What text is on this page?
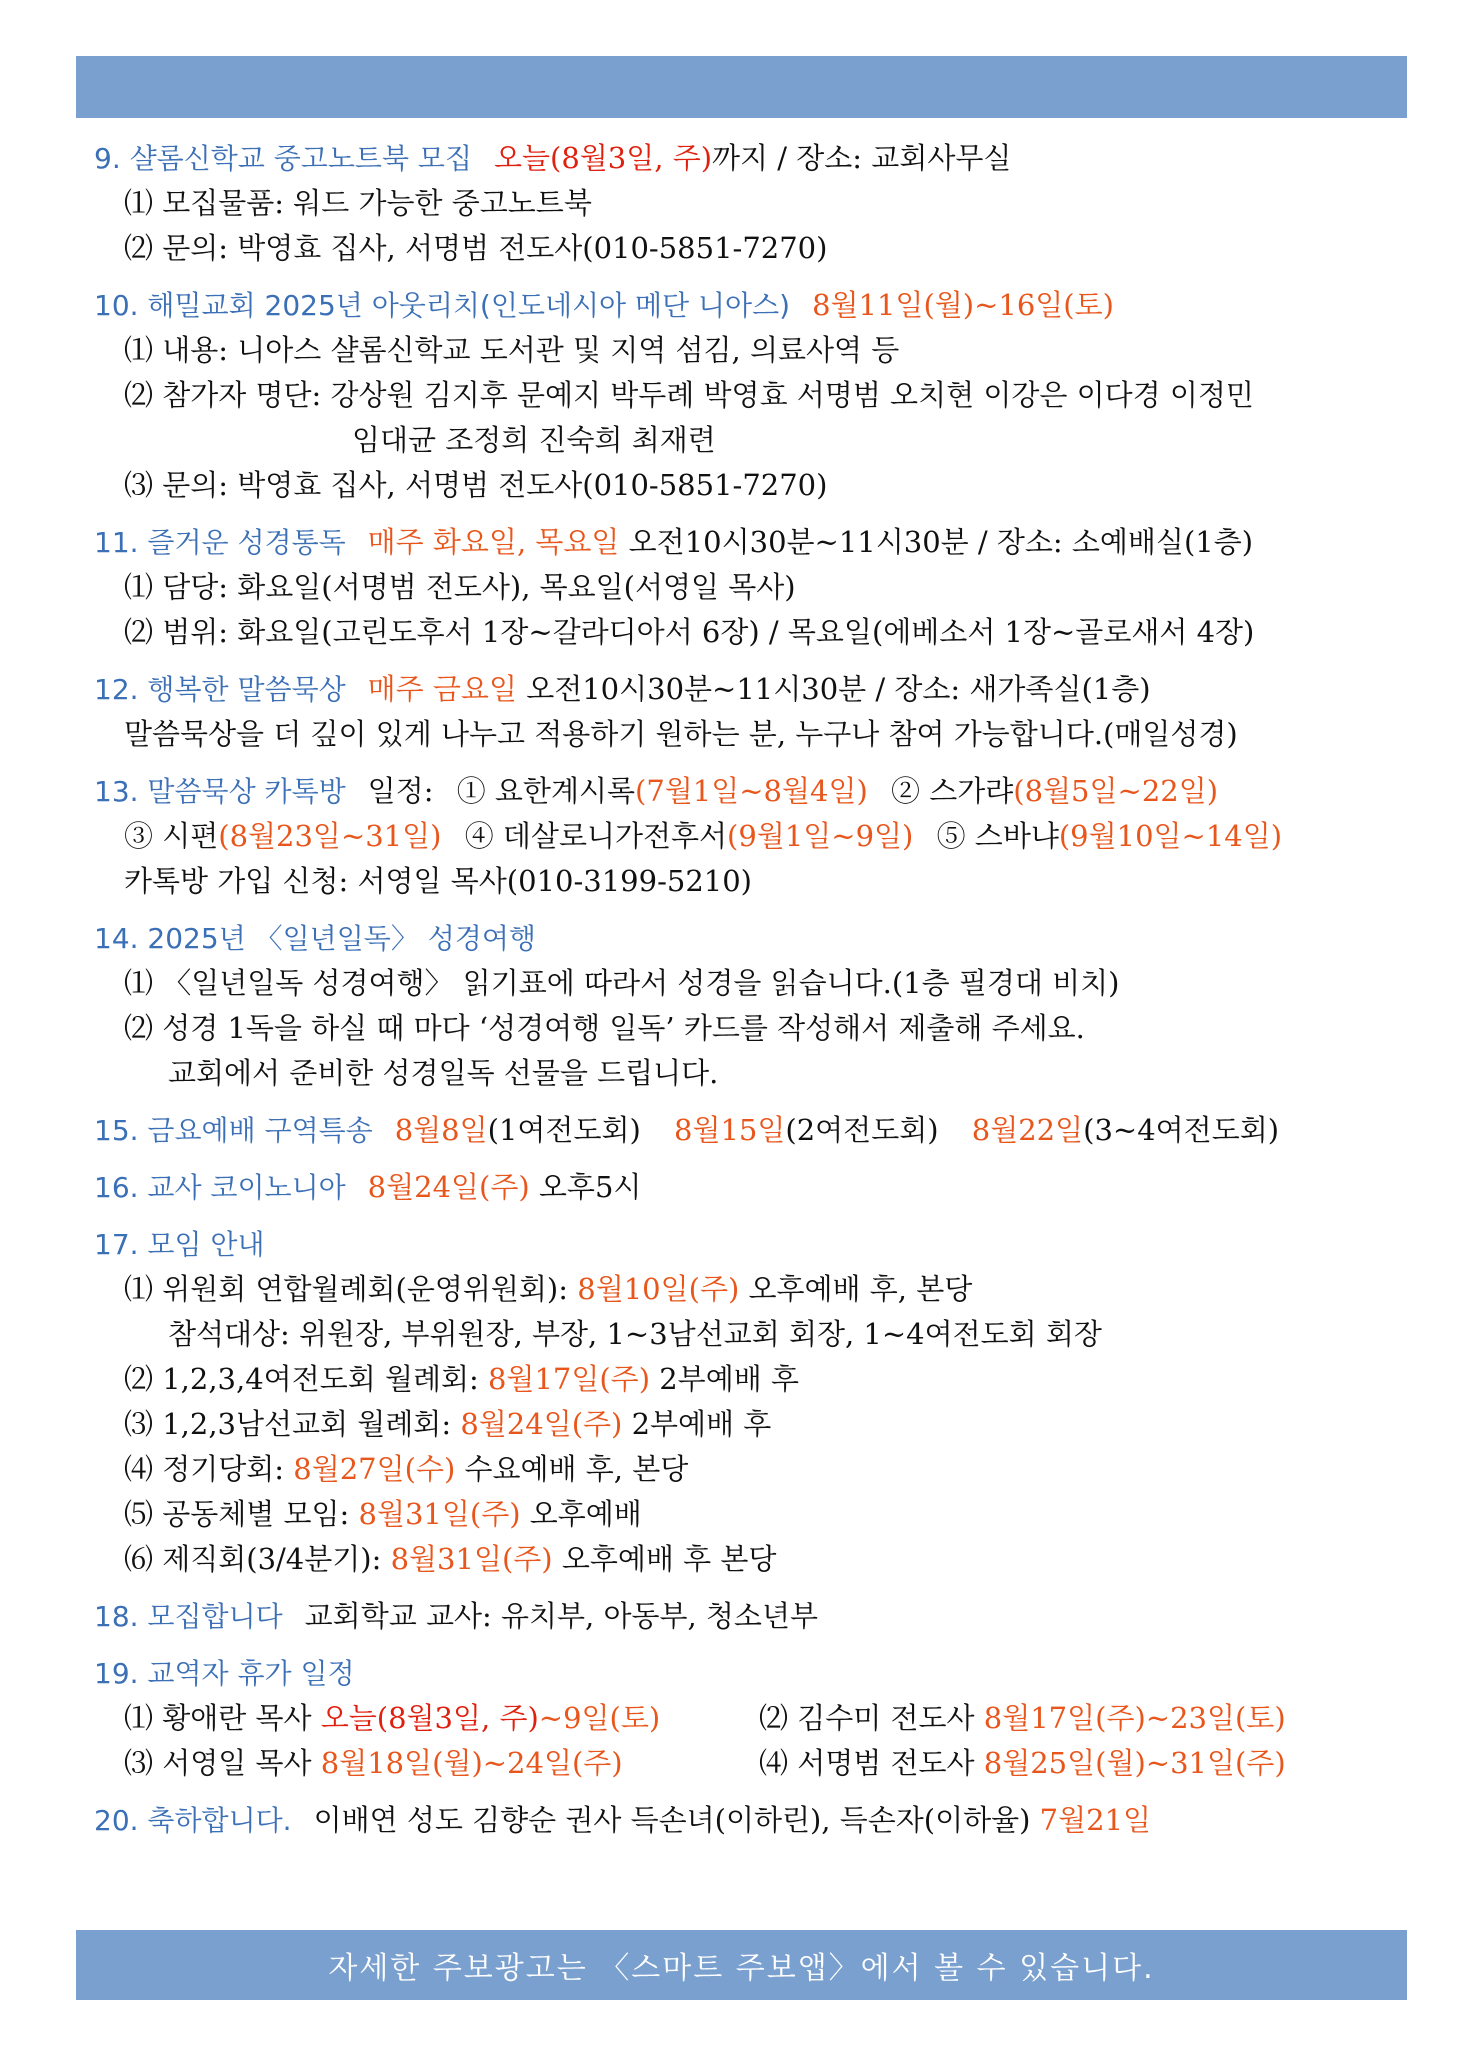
9. 샬롬신학교 중고노트북 모집 오늘(8월3일, 주)까지 / 장소: 교회사무실
⑴ 모집물품: 워드 가능한 중고노트북
⑵ 문의: 박영효 집사, 서명범 전도사(010-5851-7270)
10. 해밀교회 2025년 아웃리치(인도네시아 메단 니아스) 8월11일(월)~16일(토)
⑴ 내용: 니아스 샬롬신학교 도서관 및 지역 섬김, 의료사역 등
⑵ 참가자 명단: 강상원 김지후 문예지 박두례 박영효 서명범 오치현 이강은 이다경 이정민
임대균 조정희 진숙희 최재련
⑶ 문의: 박영효 집사, 서명범 전도사(010-5851-7270)
11. 즐거운 성경통독 매주 화요일, 목요일 오전10시30분~11시30분 / 장소: 소예배실(1층)
⑴ 담당: 화요일(서명범 전도사), 목요일(서영일 목사)
⑵ 범위: 화요일(고린도후서 1장~갈라디아서 6장) / 목요일(에베소서 1장~골로새서 4장)
12. 행복한 말씀묵상 매주 금요일 오전10시30분~11시30분 / 장소: 새가족실(1층)
말씀묵상을 더 깊이 있게 나누고 적용하기 원하는 분, 누구나 참여 가능합니다.(매일성경)
13. 말씀묵상 카톡방 일정: ① 요한계시록(7월1일~8월4일) ② 스가랴(8월5일~22일)
③ 시편(8월23일~31일) ④ 데살로니가전후서(9월1일~9일) ⑤ 스바냐(9월10일~14일)
카톡방 가입 신청: 서영일 목사(010-3199-5210)
14. 2025년 〈일년일독〉 성경여행
⑴ 〈일년일독 성경여행〉 읽기표에 따라서 성경을 읽습니다.(1층 필경대 비치)
⑵ 성경 1독을 하실 때 마다 ‘성경여행 일독’ 카드를 작성해서 제출해 주세요.
교회에서 준비한 성경일독 선물을 드립니다.
15. 금요예배 구역특송 8월8일(1여전도회) 8월15일(2여전도회) 8월22일(3~4여전도회)
16. 교사 코이노니아 8월24일(주) 오후5시
17. 모임 안내
⑴ 위원회 연합월례회(운영위원회): 8월10일(주) 오후예배 후, 본당
참석대상: 위원장, 부위원장, 부장, 1~3남선교회 회장, 1~4여전도회 회장
⑵ 1,2,3,4여전도회 월례회: 8월17일(주) 2부예배 후
⑶ 1,2,3남선교회 월례회: 8월24일(주) 2부예배 후
⑷ 정기당회: 8월27일(수) 수요예배 후, 본당
⑸ 공동체별 모임: 8월31일(주) 오후예배
⑹ 제직회(3/4분기): 8월31일(주) 오후예배 후 본당
18. 모집합니다 교회학교 교사: 유치부, 아동부, 청소년부
19. 교역자 휴가 일정
⑴ 황애란 목사 오늘(8월3일, 주)~9일(토)	⑵ 김수미 전도사 8월17일(주)~23일(토)
⑶ 서영일 목사 8월18일(월)~24일(주)	⑷ 서명범 전도사 8월25일(월)~31일(주)
20. 축하합니다. 이배연 성도 김향순 권사 득손녀(이하린), 득손자(이하율) 7월21일
자세한 주보광고는 〈스마트 주보앱〉에서 볼 수 있습니다.
